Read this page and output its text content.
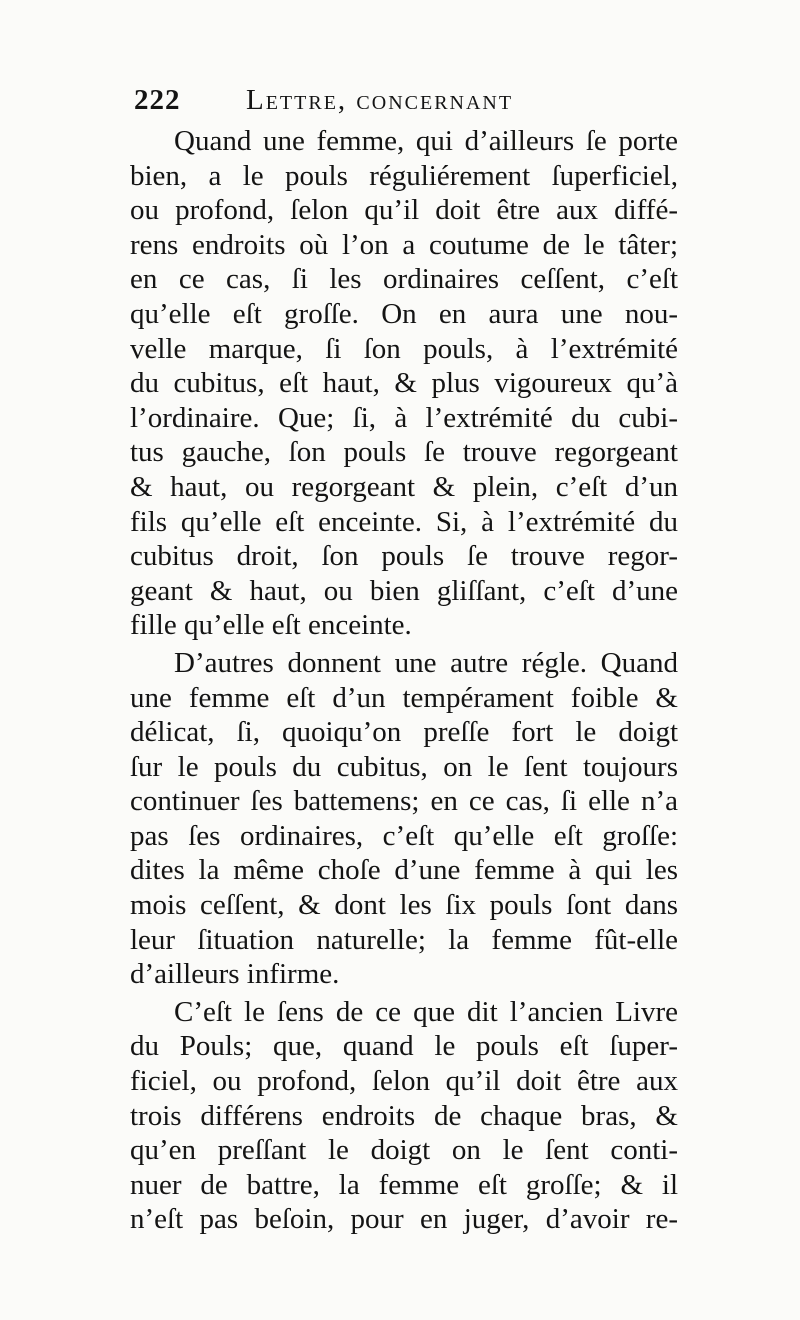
222 Lettre, concernant
Quand une femme, qui d’ailleurs ſe porte
bien, a le pouls réguliérement ſuperficiel,
ou profond, ſelon qu’il doit être aux diffé-
rens endroits où l’on a coutume de le tâter;
en ce cas, ſi les ordinaires ceſſent, c’eſt
qu’elle eſt groſſe. On en aura une nou-
velle marque, ſi ſon pouls, à l’extrémité
du cubitus, eſt haut, & plus vigoureux qu’à
l’ordinaire. Que; ſi, à l’extrémité du cubi-
tus gauche, ſon pouls ſe trouve regorgeant
& haut, ou regorgeant & plein, c’eſt d’un
fils qu’elle eſt enceinte. Si, à l’extrémité du
cubitus droit, ſon pouls ſe trouve regor-
geant & haut, ou bien gliſſant, c’eſt d’une
fille qu’elle eſt enceinte.
D’autres donnent une autre régle. Quand
une femme eſt d’un tempérament foible &
délicat, ſi, quoiqu’on preſſe fort le doigt
ſur le pouls du cubitus, on le ſent toujours
continuer ſes battemens; en ce cas, ſi elle n’a
pas ſes ordinaires, c’eſt qu’elle eſt groſſe:
dites la même choſe d’une femme à qui les
mois ceſſent, & dont les ſix pouls ſont dans
leur ſituation naturelle; la femme fût-elle
d’ailleurs infirme.
C’eſt le ſens de ce que dit l’ancien Livre
du Pouls; que, quand le pouls eſt ſuper-
ficiel, ou profond, ſelon qu’il doit être aux
trois différens endroits de chaque bras, &
qu’en preſſant le doigt on le ſent conti-
nuer de battre, la femme eſt groſſe; & il
n’eſt pas beſoin, pour en juger, d’avoir re-
